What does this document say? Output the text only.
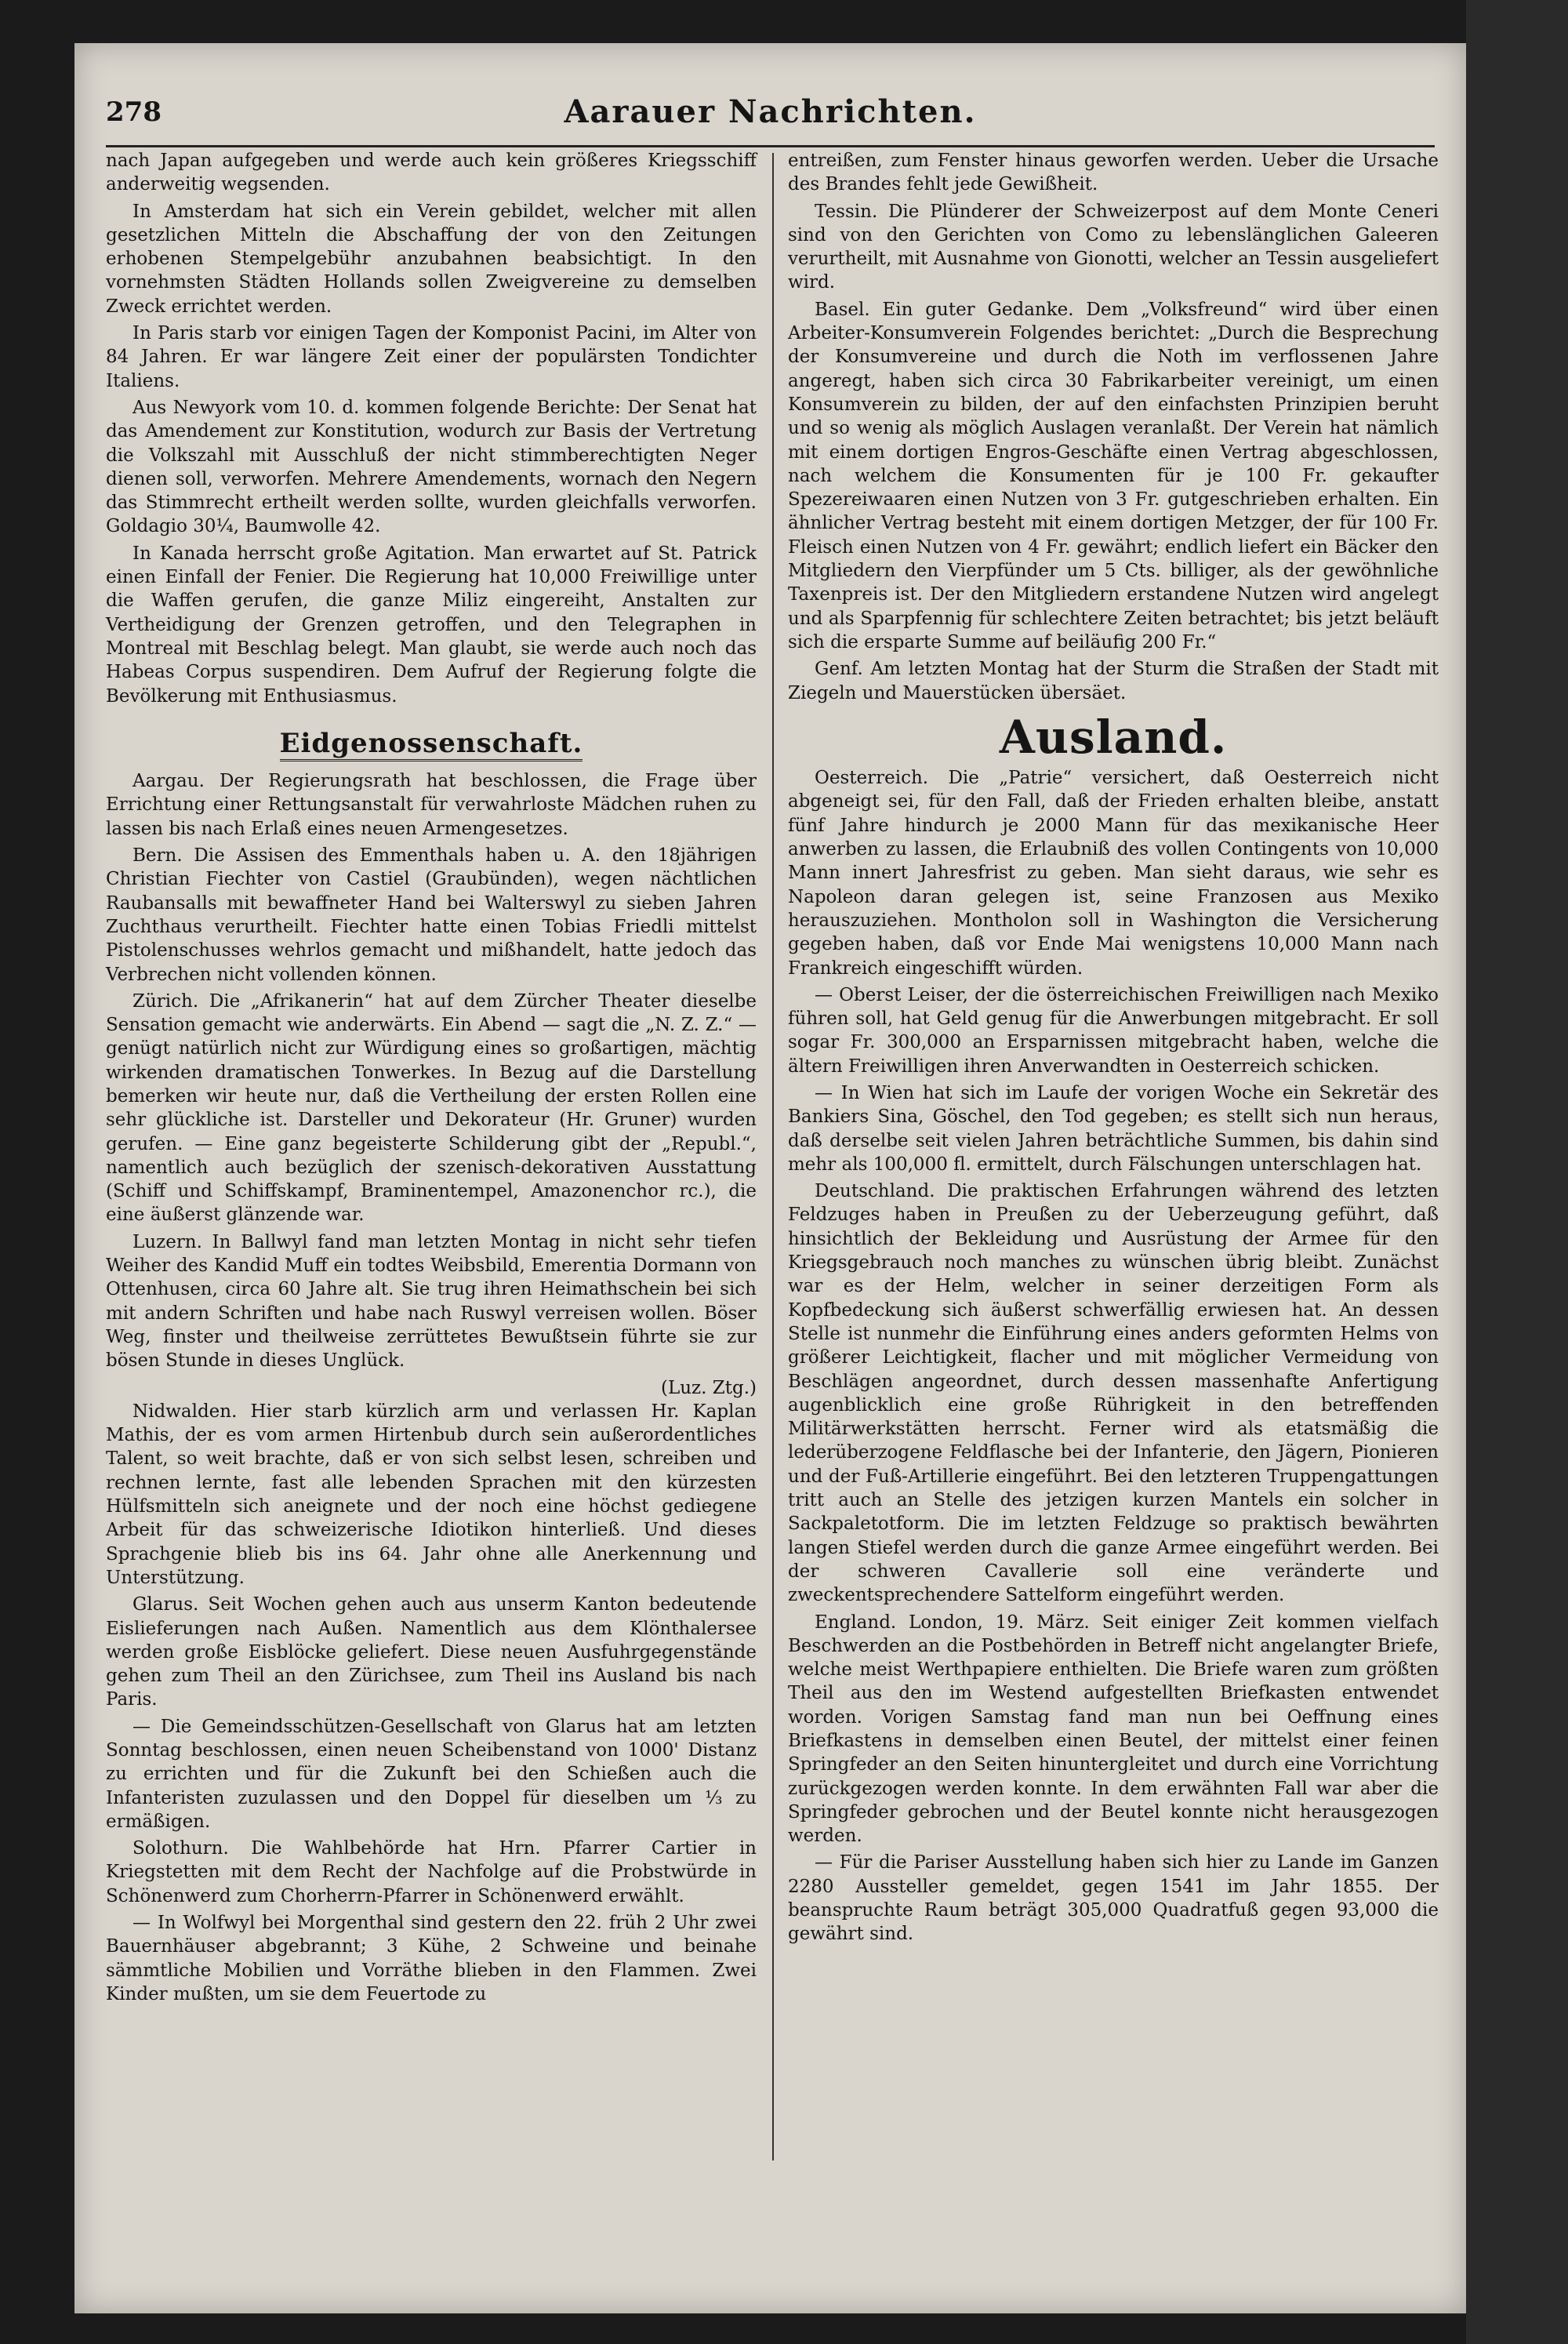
278	Aarauer Nachrichten.

nach Japan aufgegeben und werde auch kein größeres Kriegsschiff anderweitig wegsenden.

In Amsterdam hat sich ein Verein gebildet, welcher mit allen gesetzlichen Mitteln die Abschaffung der von den Zeitungen erhobenen Stempelgebühr anzubahnen beabsichtigt. In den vornehmsten Städten Hollands sollen Zweigvereine zu demselben Zweck errichtet werden.

In Paris starb vor einigen Tagen der Komponist Pacini, im Alter von 84 Jahren. Er war längere Zeit einer der populärsten Tondichter Italiens.

Aus Newyork vom 10. d. kommen folgende Berichte: Der Senat hat das Amendement zur Konstitution, wodurch zur Basis der Vertretung die Volkszahl mit Ausschluß der nicht stimmberechtigten Neger dienen soll, verworfen. Mehrere Amendements, wornach den Negern das Stimmrecht ertheilt werden sollte, wurden gleichfalls verworfen. Goldagio 30¼, Baumwolle 42.

In Kanada herrscht große Agitation. Man erwartet auf St. Patrick einen Einfall der Fenier. Die Regierung hat 10,000 Freiwillige unter die Waffen gerufen, die ganze Miliz eingereiht, Anstalten zur Vertheidigung der Grenzen getroffen, und den Telegraphen in Montreal mit Beschlag belegt. Man glaubt, sie werde auch noch das Habeas Corpus suspendiren. Dem Aufruf der Regierung folgte die Bevölkerung mit Enthusiasmus.

Eidgenossenschaft.

Aargau. Der Regierungsrath hat beschlossen, die Frage über Errichtung einer Rettungsanstalt für verwahrloste Mädchen ruhen zu lassen bis nach Erlaß eines neuen Armengesetzes.

Bern. Die Assisen des Emmenthals haben u. A. den 18jährigen Christian Fiechter von Castiel (Graubünden), wegen nächtlichen Raubansalls mit bewaffneter Hand bei Walterswyl zu sieben Jahren Zuchthaus verurtheilt. Fiechter hatte einen Tobias Friedli mittelst Pistolenschusses wehrlos gemacht und mißhandelt, hatte jedoch das Verbrechen nicht vollenden können.

Zürich. Die „Afrikanerin“ hat auf dem Zürcher Theater dieselbe Sensation gemacht wie anderwärts. Ein Abend — sagt die „N. Z. Z.“ — genügt natürlich nicht zur Würdigung eines so großartigen, mächtig wirkenden dramatischen Tonwerkes. In Bezug auf die Darstellung bemerken wir heute nur, daß die Vertheilung der ersten Rollen eine sehr glückliche ist. Darsteller und Dekorateur (Hr. Gruner) wurden gerufen. — Eine ganz begeisterte Schilderung gibt der „Republ.“, namentlich auch bezüglich der szenisch-dekorativen Ausstattung (Schiff und Schiffskampf, Braminentempel, Amazonenchor rc.), die eine äußerst glänzende war.

Luzern. In Ballwyl fand man letzten Montag in nicht sehr tiefen Weiher des Kandid Muff ein todtes Weibsbild, Emerentia Dormann von Ottenhusen, circa 60 Jahre alt. Sie trug ihren Heimathschein bei sich mit andern Schriften und habe nach Ruswyl verreisen wollen. Böser Weg, finster und theilweise zerrüttetes Bewußtsein führte sie zur bösen Stunde in dieses Unglück.

(Luz. Ztg.)

Nidwalden. Hier starb kürzlich arm und verlassen Hr. Kaplan Mathis, der es vom armen Hirtenbub durch sein außerordentliches Talent, so weit brachte, daß er von sich selbst lesen, schreiben und rechnen lernte, fast alle lebenden Sprachen mit den kürzesten Hülfsmitteln sich aneignete und der noch eine höchst gediegene Arbeit für das schweizerische Idiotikon hinterließ. Und dieses Sprachgenie blieb bis ins 64. Jahr ohne alle Anerkennung und Unterstützung.

Glarus. Seit Wochen gehen auch aus unserm Kanton bedeutende Eislieferungen nach Außen. Namentlich aus dem Klönthalersee werden große Eisblöcke geliefert. Diese neuen Ausfuhrgegenstände gehen zum Theil an den Zürichsee, zum Theil ins Ausland bis nach Paris.

— Die Gemeindsschützen-Gesellschaft von Glarus hat am letzten Sonntag beschlossen, einen neuen Scheibenstand von 1000' Distanz zu errichten und für die Zukunft bei den Schießen auch die Infanteristen zuzulassen und den Doppel für dieselben um ⅓ zu ermäßigen.

Solothurn. Die Wahlbehörde hat Hrn. Pfarrer Cartier in Kriegstetten mit dem Recht der Nachfolge auf die Probstwürde in Schönenwerd zum Chorherrn-Pfarrer in Schönenwerd erwählt.

— In Wolfwyl bei Morgenthal sind gestern den 22. früh 2 Uhr zwei Bauernhäuser abgebrannt; 3 Kühe, 2 Schweine und beinahe sämmtliche Mobilien und Vorräthe blieben in den Flammen. Zwei Kinder mußten, um sie dem Feuertode zu

entreißen, zum Fenster hinaus geworfen werden. Ueber die Ursache des Brandes fehlt jede Gewißheit.

Tessin. Die Plünderer der Schweizerpost auf dem Monte Ceneri sind von den Gerichten von Como zu lebenslänglichen Galeeren verurtheilt, mit Ausnahme von Gionotti, welcher an Tessin ausgeliefert wird.

Basel. Ein guter Gedanke. Dem „Volksfreund“ wird über einen Arbeiter-Konsumverein Folgendes berichtet: „Durch die Besprechung der Konsumvereine und durch die Noth im verflossenen Jahre angeregt, haben sich circa 30 Fabrikarbeiter vereinigt, um einen Konsumverein zu bilden, der auf den einfachsten Prinzipien beruht und so wenig als möglich Auslagen veranlaßt. Der Verein hat nämlich mit einem dortigen Engros-Geschäfte einen Vertrag abgeschlossen, nach welchem die Konsumenten für je 100 Fr. gekaufter Spezereiwaaren einen Nutzen von 3 Fr. gutgeschrieben erhalten. Ein ähnlicher Vertrag besteht mit einem dortigen Metzger, der für 100 Fr. Fleisch einen Nutzen von 4 Fr. gewährt; endlich liefert ein Bäcker den Mitgliedern den Vierpfünder um 5 Cts. billiger, als der gewöhnliche Taxenpreis ist. Der den Mitgliedern erstandene Nutzen wird angelegt und als Sparpfennig für schlechtere Zeiten betrachtet; bis jetzt beläuft sich die ersparte Summe auf beiläufig 200 Fr.“

Genf. Am letzten Montag hat der Sturm die Straßen der Stadt mit Ziegeln und Mauerstücken übersäet.

Ausland.

Oesterreich. Die „Patrie“ versichert, daß Oesterreich nicht abgeneigt sei, für den Fall, daß der Frieden erhalten bleibe, anstatt fünf Jahre hindurch je 2000 Mann für das mexikanische Heer anwerben zu lassen, die Erlaubniß des vollen Contingents von 10,000 Mann innert Jahresfrist zu geben. Man sieht daraus, wie sehr es Napoleon daran gelegen ist, seine Franzosen aus Mexiko herauszuziehen. Montholon soll in Washington die Versicherung gegeben haben, daß vor Ende Mai wenigstens 10,000 Mann nach Frankreich eingeschifft würden.

— Oberst Leiser, der die österreichischen Freiwilligen nach Mexiko führen soll, hat Geld genug für die Anwerbungen mitgebracht. Er soll sogar Fr. 300,000 an Ersparnissen mitgebracht haben, welche die ältern Freiwilligen ihren Anverwandten in Oesterreich schicken.

— In Wien hat sich im Laufe der vorigen Woche ein Sekretär des Bankiers Sina, Göschel, den Tod gegeben; es stellt sich nun heraus, daß derselbe seit vielen Jahren beträchtliche Summen, bis dahin sind mehr als 100,000 fl. ermittelt, durch Fälschungen unterschlagen hat.

Deutschland. Die praktischen Erfahrungen während des letzten Feldzuges haben in Preußen zu der Ueberzeugung geführt, daß hinsichtlich der Bekleidung und Ausrüstung der Armee für den Kriegsgebrauch noch manches zu wünschen übrig bleibt. Zunächst war es der Helm, welcher in seiner derzeitigen Form als Kopfbedeckung sich äußerst schwerfällig erwiesen hat. An dessen Stelle ist nunmehr die Einführung eines anders geformten Helms von größerer Leichtigkeit, flacher und mit möglicher Vermeidung von Beschlägen angeordnet, durch dessen massenhafte Anfertigung augenblicklich eine große Rührigkeit in den betreffenden Militärwerkstätten herrscht. Ferner wird als etatsmäßig die lederüberzogene Feldflasche bei der Infanterie, den Jägern, Pionieren und der Fuß-Artillerie eingeführt. Bei den letzteren Truppengattungen tritt auch an Stelle des jetzigen kurzen Mantels ein solcher in Sackpaletotform. Die im letzten Feldzuge so praktisch bewährten langen Stiefel werden durch die ganze Armee eingeführt werden. Bei der schweren Cavallerie soll eine veränderte und zweckentsprechendere Sattelform eingeführt werden.

England. London, 19. März. Seit einiger Zeit kommen vielfach Beschwerden an die Postbehörden in Betreff nicht angelangter Briefe, welche meist Werthpapiere enthielten. Die Briefe waren zum größten Theil aus den im Westend aufgestellten Briefkasten entwendet worden. Vorigen Samstag fand man nun bei Oeffnung eines Briefkastens in demselben einen Beutel, der mittelst einer feinen Springfeder an den Seiten hinuntergleitet und durch eine Vorrichtung zurückgezogen werden konnte. In dem erwähnten Fall war aber die Springfeder gebrochen und der Beutel konnte nicht herausgezogen werden.

— Für die Pariser Ausstellung haben sich hier zu Lande im Ganzen 2280 Aussteller gemeldet, gegen 1541 im Jahr 1855. Der beanspruchte Raum beträgt 305,000 Quadratfuß gegen 93,000 die gewährt sind.
